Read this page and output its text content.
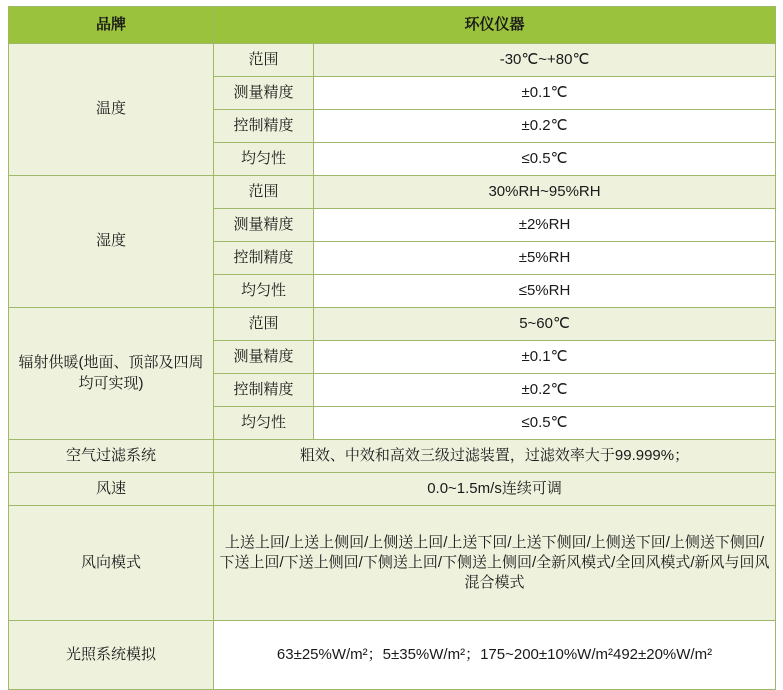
品牌	环仪仪器	
温度	范围	-30℃~+80℃
	测量精度	±0.1℃
	控制精度	±0.2℃
	均匀性	≤0.5℃
湿度	范围	30%RH~95%RH
	测量精度	±2%RH
	控制精度	±5%RH
	均匀性	≤5%RH
辐射供暖(地面、顶部及四周均可实现)	范围	5~60℃
	测量精度	±0.1℃
	控制精度	±0.2℃
	均匀性	≤0.5℃
空气过滤系统	粗效、中效和高效三级过滤装置，过滤效率大于99.999%；	
风速	0.0~1.5m/s连续可调	
风向模式	上送上回/上送上侧回/上侧送上回/上送下回/上送下侧回/上侧送下回/上侧送下侧回/下送上回/下送上侧回/下侧送上回/下侧送上侧回/全新风模式/全回风模式/新风与回风混合模式	
光照系统模拟	63±25%W/m²；5±35%W/m²；175~200±10%W/m²492±20%W/m²	
